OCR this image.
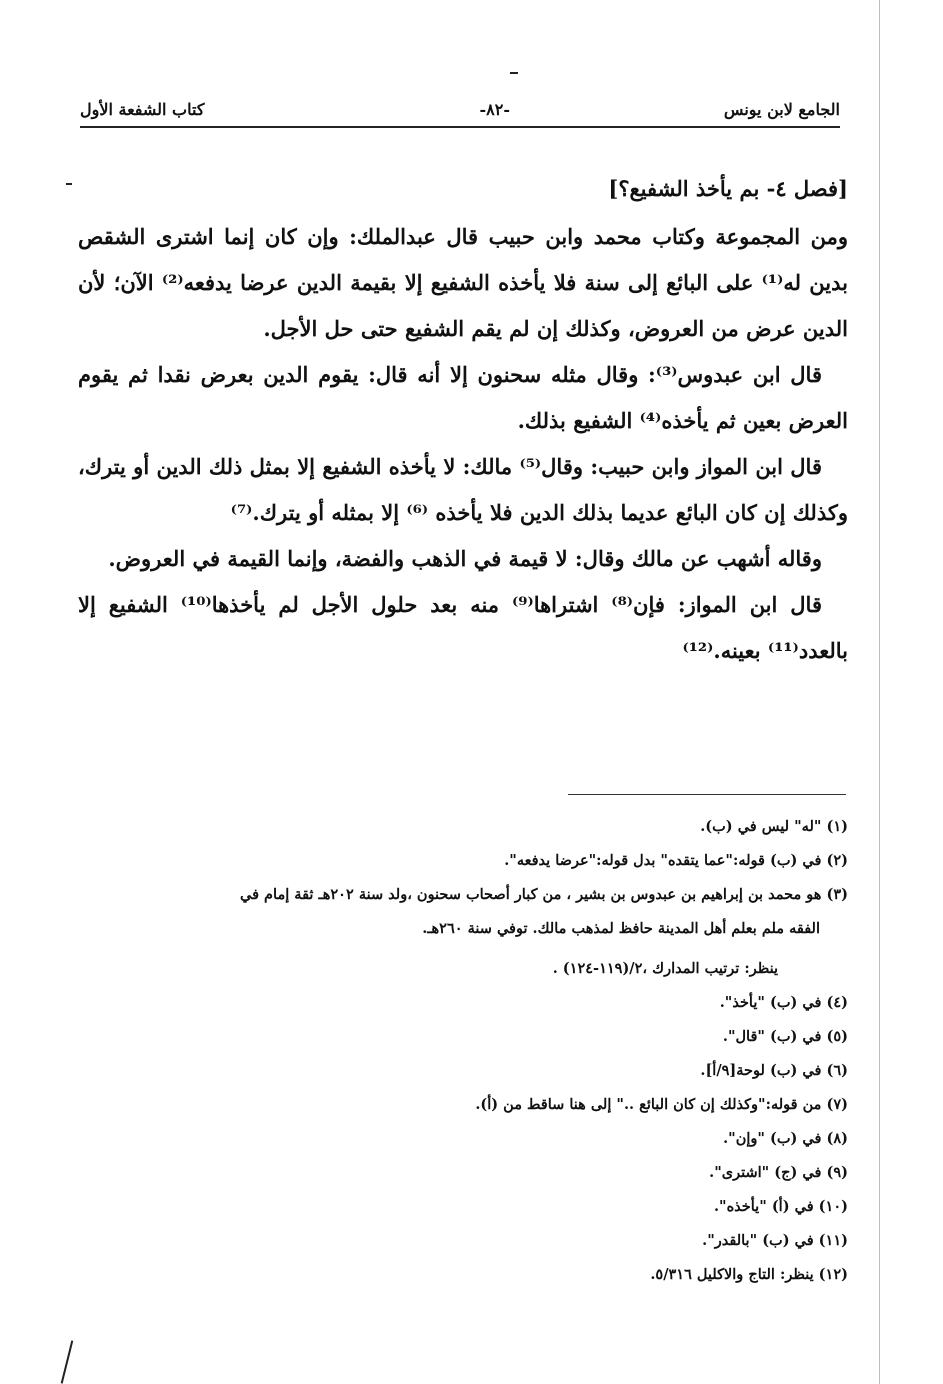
الجامع لابن يونس
-٨٢-
كتاب الشفعة الأول

[فصل ٤- بم يأخذ الشفيع؟]

ومن المجموعة وكتاب محمد وابن حبيب قال عبدالملك: وإن كان إنما اشترى الشقص بدين له⁽¹⁾ على البائع إلى سنة فلا يأخذه الشفيع إلا بقيمة الدين عرضا يدفعه⁽²⁾ الآن؛ لأن الدين عرض من العروض، وكذلك إن لم يقم الشفيع حتى حل الأجل.

قال ابن عبدوس⁽³⁾: وقال مثله سحنون إلا أنه قال: يقوم الدين بعرض نقدا ثم يقوم العرض بعين ثم يأخذه⁽⁴⁾ الشفيع بذلك.

قال ابن المواز وابن حبيب: وقال⁽⁵⁾ مالك: لا يأخذه الشفيع إلا بمثل ذلك الدين أو يترك، وكذلك إن كان البائع عديما بذلك الدين فلا يأخذه ⁽⁶⁾ إلا بمثله أو يترك.⁽⁷⁾

وقاله أشهب عن مالك وقال: لا قيمة في الذهب والفضة، وإنما القيمة في العروض.

قال ابن المواز: فإن⁽⁸⁾ اشتراها⁽⁹⁾ منه بعد حلول الأجل لم يأخذها⁽¹⁰⁾ الشفيع إلا بالعدد⁽¹¹⁾ بعينه.⁽¹²⁾

(١) "له" ليس في (ب).

(٢) في (ب) قوله:"عما يتقده" بدل قوله:"عرضا يدفعه".

(٣) هو محمد بن إبراهيم بن عبدوس بن بشير ، من كبار أصحاب سحنون ،ولد سنة ٢٠٢هـ ثقة إمام في

الفقه ملم بعلم أهل المدينة حافظ لمذهب مالك. توفي سنة ٢٦٠هـ.

ينظر: ترتيب المدارك ،٢/(١١٩-١٢٤) .

(٤) في (ب) "يأخذ".

(٥) في (ب) "قال".

(٦) في (ب) لوحة[٩/أ].

(٧) من قوله:"وكذلك إن كان البائع .." إلى هنا ساقط من (أ).

(٨) في (ب) "وإن".

(٩) في (ج) "اشترى".

(١٠) في (أ) "يأخذه".

(١١) في (ب) "بالقدر".

(١٢) ينظر: التاج والاكليل ٥/٣١٦.
